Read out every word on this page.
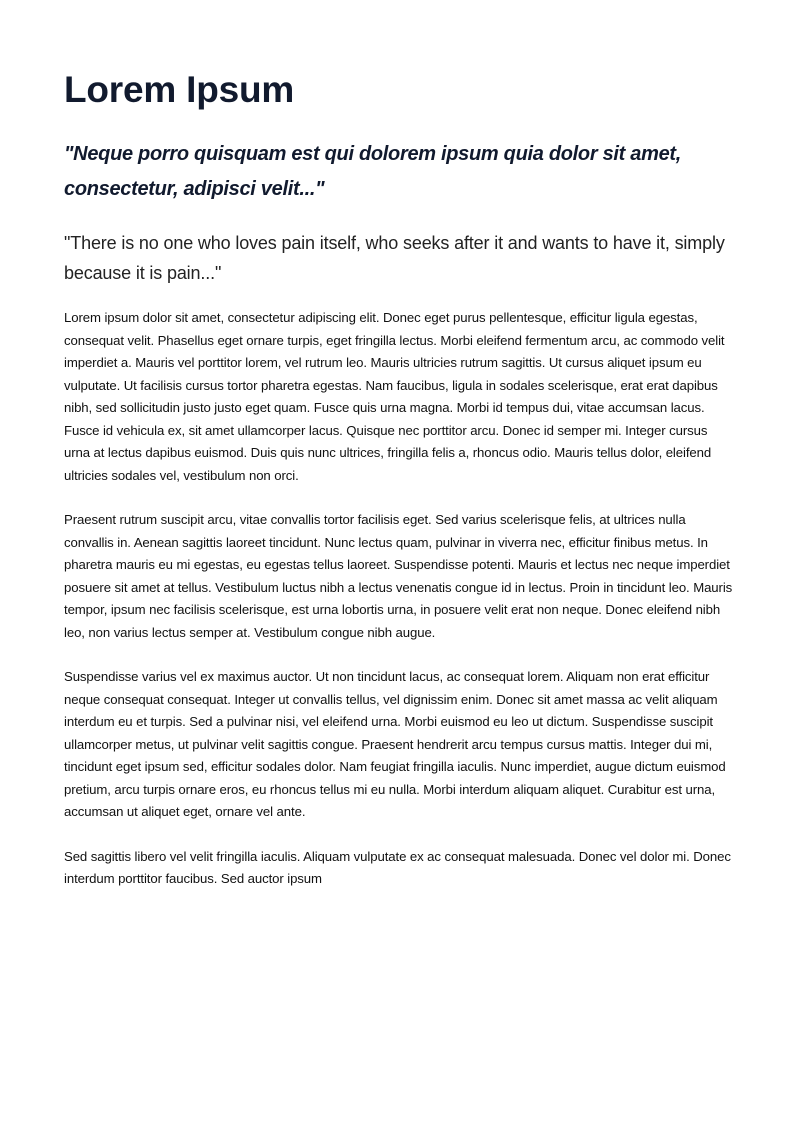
Lorem Ipsum

"Neque porro quisquam est qui dolorem ipsum quia dolor sit amet, consectetur, adipisci velit..."

"There is no one who loves pain itself, who seeks after it and wants to have it, simply because it is pain..."

Lorem ipsum dolor sit amet, consectetur adipiscing elit. Donec eget purus pellentesque, efficitur ligula egestas, consequat velit. Phasellus eget ornare turpis, eget fringilla lectus. Morbi eleifend fermentum arcu, ac commodo velit imperdiet a. Mauris vel porttitor lorem, vel rutrum leo. Mauris ultricies rutrum sagittis. Ut cursus aliquet ipsum eu vulputate. Ut facilisis cursus tortor pharetra egestas. Nam faucibus, ligula in sodales scelerisque, erat erat dapibus nibh, sed sollicitudin justo justo eget quam. Fusce quis urna magna. Morbi id tempus dui, vitae accumsan lacus. Fusce id vehicula ex, sit amet ullamcorper lacus. Quisque nec porttitor arcu. Donec id semper mi. Integer cursus urna at lectus dapibus euismod. Duis quis nunc ultrices, fringilla felis a, rhoncus odio. Mauris tellus dolor, eleifend ultricies sodales vel, vestibulum non orci.

Praesent rutrum suscipit arcu, vitae convallis tortor facilisis eget. Sed varius scelerisque felis, at ultrices nulla convallis in. Aenean sagittis laoreet tincidunt. Nunc lectus quam, pulvinar in viverra nec, efficitur finibus metus. In pharetra mauris eu mi egestas, eu egestas tellus laoreet. Suspendisse potenti. Mauris et lectus nec neque imperdiet posuere sit amet at tellus. Vestibulum luctus nibh a lectus venenatis congue id in lectus. Proin in tincidunt leo. Mauris tempor, ipsum nec facilisis scelerisque, est urna lobortis urna, in posuere velit erat non neque. Donec eleifend nibh leo, non varius lectus semper at. Vestibulum congue nibh augue.

Suspendisse varius vel ex maximus auctor. Ut non tincidunt lacus, ac consequat lorem. Aliquam non erat efficitur neque consequat consequat. Integer ut convallis tellus, vel dignissim enim. Donec sit amet massa ac velit aliquam interdum eu et turpis. Sed a pulvinar nisi, vel eleifend urna. Morbi euismod eu leo ut dictum. Suspendisse suscipit ullamcorper metus, ut pulvinar velit sagittis congue. Praesent hendrerit arcu tempus cursus mattis. Integer dui mi, tincidunt eget ipsum sed, efficitur sodales dolor. Nam feugiat fringilla iaculis. Nunc imperdiet, augue dictum euismod pretium, arcu turpis ornare eros, eu rhoncus tellus mi eu nulla. Morbi interdum aliquam aliquet. Curabitur est urna, accumsan ut aliquet eget, ornare vel ante.

Sed sagittis libero vel velit fringilla iaculis. Aliquam vulputate ex ac consequat malesuada. Donec vel dolor mi. Donec interdum porttitor faucibus. Sed auctor ipsum
